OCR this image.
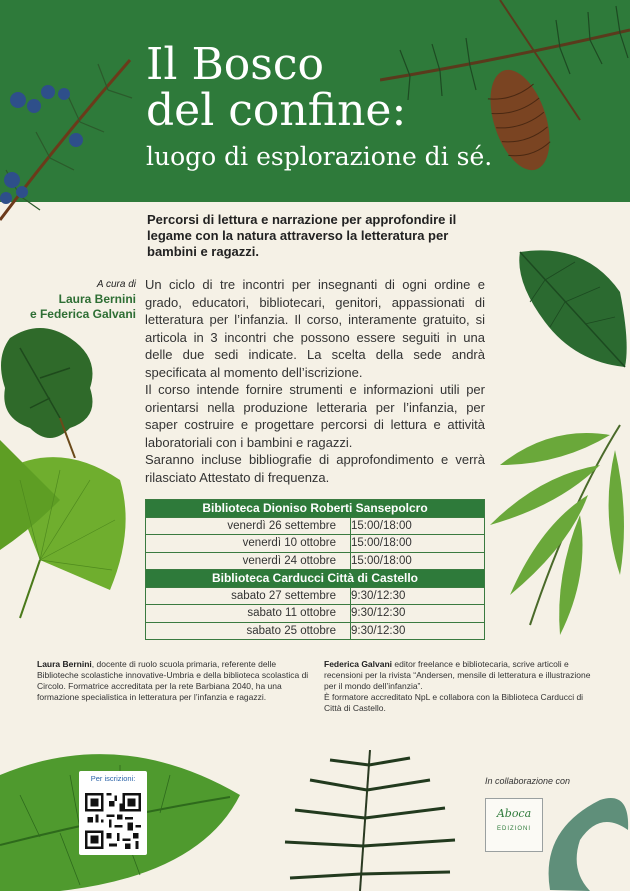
Il Bosco
del confine:
luogo di esplorazione di sé.
Percorsi di lettura e narrazione per approfondire il legame con la natura attraverso la letteratura per bambini e ragazzi.
A cura di
Laura Bernini
e Federica Galvani

Un ciclo di tre incontri per insegnanti di ogni ordine e grado, educatori, bibliotecari, genitori, appassionati di letteratura per l’infanzia. Il corso, interamente gratuito, si articola in 3 incontri che possono essere seguiti in una delle due sedi indicate. La scelta della sede andrà specificata al momento dell’iscrizione.

Il corso intende fornire strumenti e informazioni utili per orientarsi nella produzione letteraria per l’infanzia, per saper costruire e progettare percorsi di lettura e attività laboratoriali con i bambini e ragazzi.

Saranno incluse bibliografie di approfondimento e verrà rilasciato Attestato di frequenza.

Biblioteca Dioniso Roberti Sansepolcro	
venerdì 26 settembre	15:00/18:00
venerdì 10 ottobre	15:00/18:00
venerdì 24 ottobre	15:00/18:00
Biblioteca Carducci Città di Castello	
sabato 27 settembre	9:30/12:30
sabato 11 ottobre	9:30/12:30
sabato 25 ottobre	9:30/12:30

Laura Bernini, docente di ruolo scuola primaria, referente delle Biblioteche scolastiche innovative-Umbria e della biblioteca scolastica di Circolo. Formatrice accreditata per la rete Barbiana 2040, ha una formazione specialistica in letteratura per l’infanzia e ragazzi.

Federica Galvani editor freelance e bibliotecaria, scrive articoli e recensioni per la rivista “Andersen, mensile di letteratura e illustrazione per il mondo dell’infanzia”.

È formatore accreditato NpL e collabora con la Biblioteca Carducci di Città di Castello.

Per iscrizioni:	In collaborazione con
Aboca
EDIZIONI
